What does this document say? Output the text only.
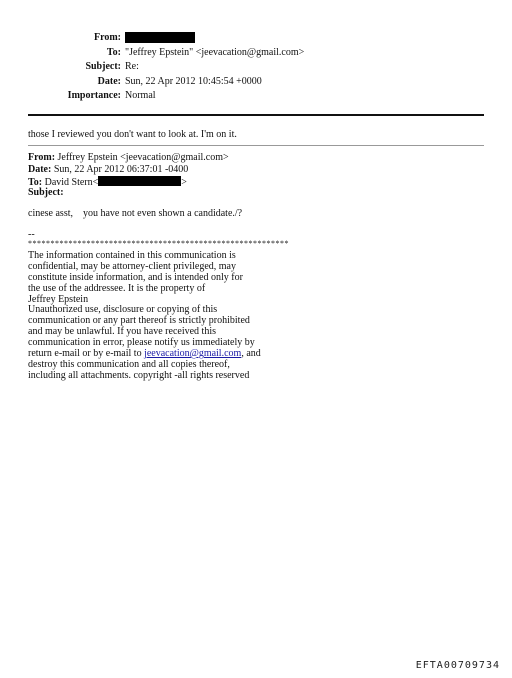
From:
To: "Jeffrey Epstein" <jeevacation@gmail.com>
Subject: Re:
Date: Sun, 22 Apr 2012 10:45:54 +0000
Importance: Normal
those I reviewed you don't want to look at. I'm on it.
From: Jeffrey Epstein <jeevacation@gmail.com>
Date: Sun, 22 Apr 2012 06:37:01 -0400
To: David Stern<	>
Subject:
cinese asst,    you have not even shown a candidate./?
--
**********************************************************
The information contained in this communication is
confidential, may be attorney-client privileged, may
constitute inside information, and is intended only for
the use of the addressee. It is the property of
Jeffrey Epstein
Unauthorized use, disclosure or copying of this
communication or any part thereof is strictly prohibited
and may be unlawful. If you have received this
communication in error, please notify us immediately by
return e-mail or by e-mail to jeevacation@gmail.com, and
destroy this communication and all copies thereof,
including all attachments. copyright -all rights reserved
EFTA00709734
